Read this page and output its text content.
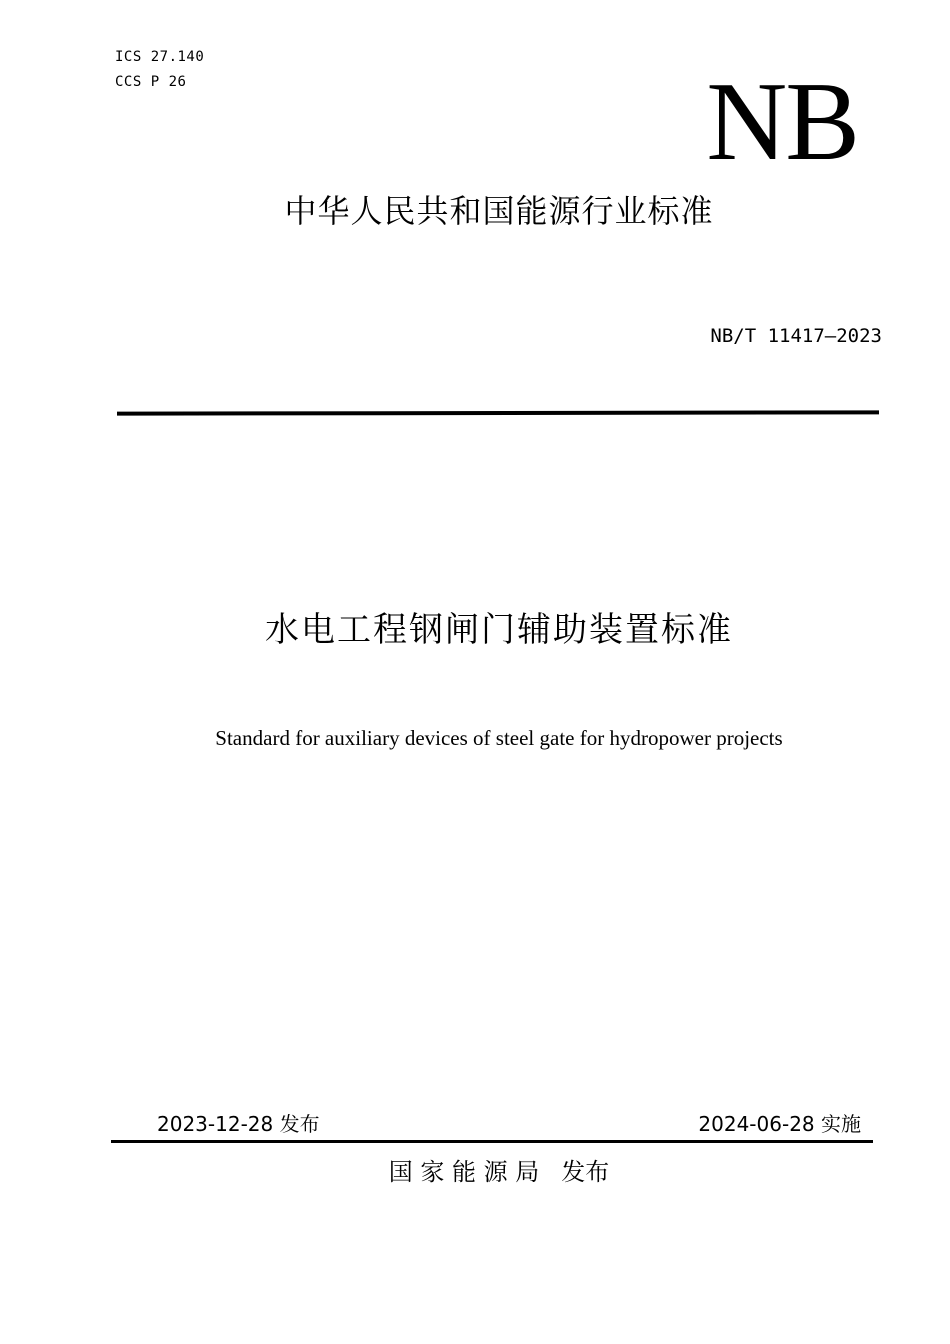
ICS 27.140
CCS P 26	NB
中华人民共和国能源行业标准
NB/T 11417—2023
水电工程钢闸门辅助装置标准
Standard for auxiliary devices of steel gate for hydropower projects
2023-12-28 发布	2024-06-28 实施
国 家 能 源 局 发布
